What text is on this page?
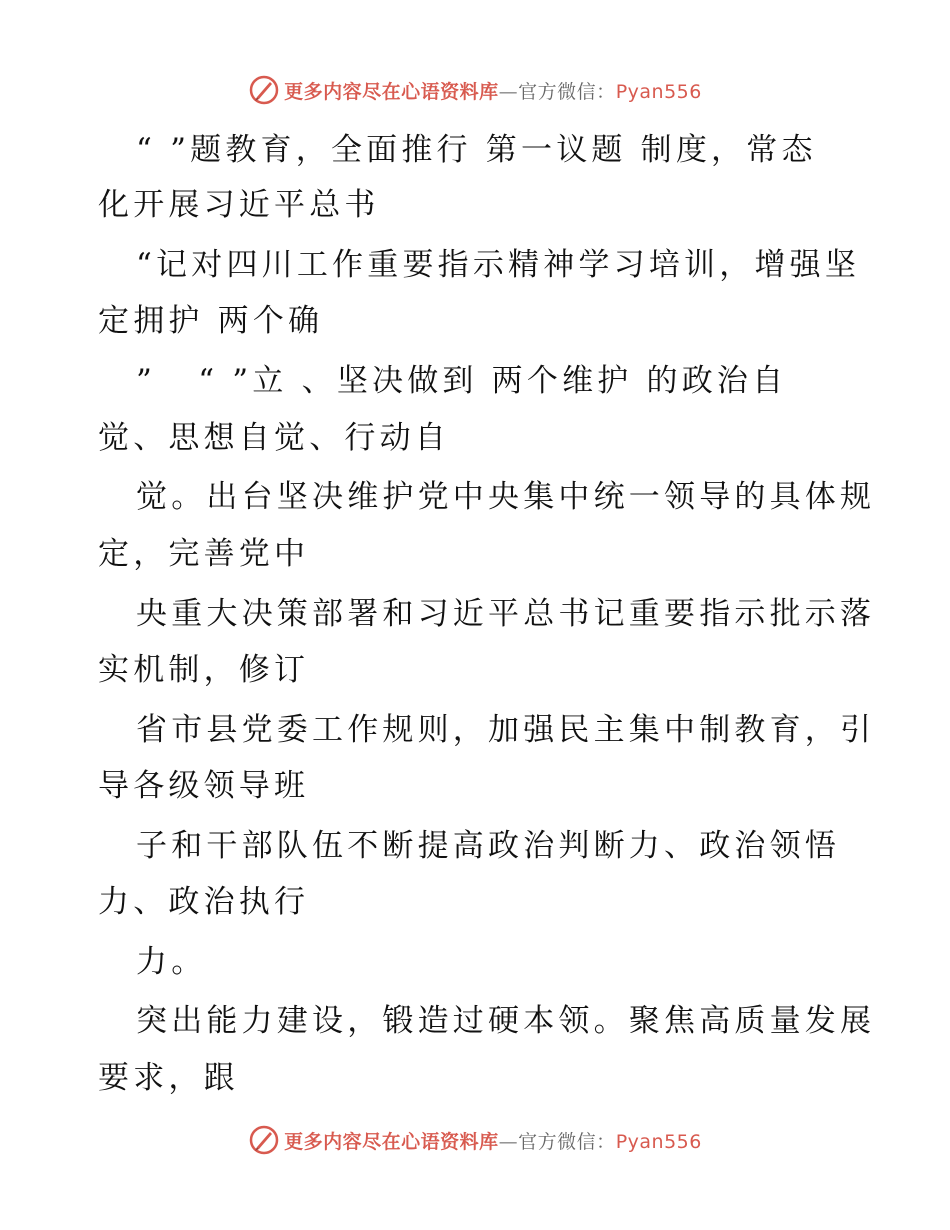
更多内容尽在心语资料库—官方微信：Pyan556
“ ”题教育，全面推行 第一议题 制度，常态
化开展习近平总书
“记对四川工作重要指示精神学习培训，增强坚
定拥护 两个确
”   “ ”立 、坚决做到 两个维护 的政治自
觉、思想自觉、行动自
觉。出台坚决维护党中央集中统一领导的具体规
定，完善党中
央重大决策部署和习近平总书记重要指示批示落
实机制，修订
省市县党委工作规则，加强民主集中制教育，引
导各级领导班
子和干部队伍不断提高政治判断力、政治领悟
力、政治执行
力。
突出能力建设，锻造过硬本领。聚焦高质量发展
要求，跟
更多内容尽在心语资料库—官方微信：Pyan556
